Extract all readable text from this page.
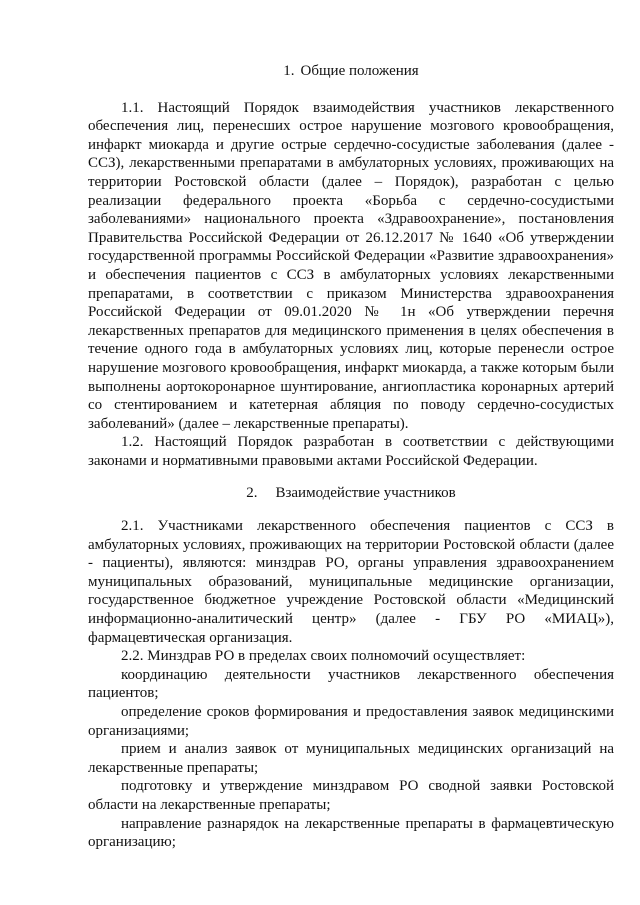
1. Общие положения

1.1. Настоящий Порядок взаимодействия участников лекарственного обеспечения лиц, перенесших острое нарушение мозгового кровообращения, инфаркт миокарда и другие острые сердечно-сосудистые заболевания (далее - ССЗ), лекарственными препаратами в амбулаторных условиях, проживающих на территории Ростовской области (далее – Порядок), разработан с целью реализации федерального проекта «Борьба с сердечно-сосудистыми заболеваниями» национального проекта «Здравоохранение», постановления Правительства Российской Федерации от 26.12.2017 № 1640 «Об утверждении государственной программы Российской Федерации «Развитие здравоохранения» и обеспечения пациентов с ССЗ в амбулаторных условиях лекарственными препаратами, в соответствии с приказом Министерства здравоохранения Российской Федерации от 09.01.2020 № 1н «Об утверждении перечня лекарственных препаратов для медицинского применения в целях обеспечения в течение одного года в амбулаторных условиях лиц, которые перенесли острое нарушение мозгового кровообращения, инфаркт миокарда, а также которым были выполнены аортокоронарное шунтирование, ангиопластика коронарных артерий со стентированием и катетерная абляция по поводу сердечно-сосудистых заболеваний» (далее – лекарственные препараты).

1.2. Настоящий Порядок разработан в соответствии с действующими законами и нормативными правовыми актами Российской Федерации.

2. Взаимодействие участников

2.1. Участниками лекарственного обеспечения пациентов с ССЗ в амбулаторных условиях, проживающих на территории Ростовской области (далее - пациенты), являются: минздрав РО, органы управления здравоохранением муниципальных образований, муниципальные медицинские организации, государственное бюджетное учреждение Ростовской области «Медицинский информационно-аналитический центр» (далее - ГБУ РО «МИАЦ»), фармацевтическая организация.

2.2. Минздрав РО в пределах своих полномочий осуществляет:

координацию деятельности участников лекарственного обеспечения пациентов;

определение сроков формирования и предоставления заявок медицинскими организациями;

прием и анализ заявок от муниципальных медицинских организаций на лекарственные препараты;

подготовку и утверждение минздравом РО сводной заявки Ростовской области на лекарственные препараты;

направление разнарядок на лекарственные препараты в фармацевтическую организацию;
